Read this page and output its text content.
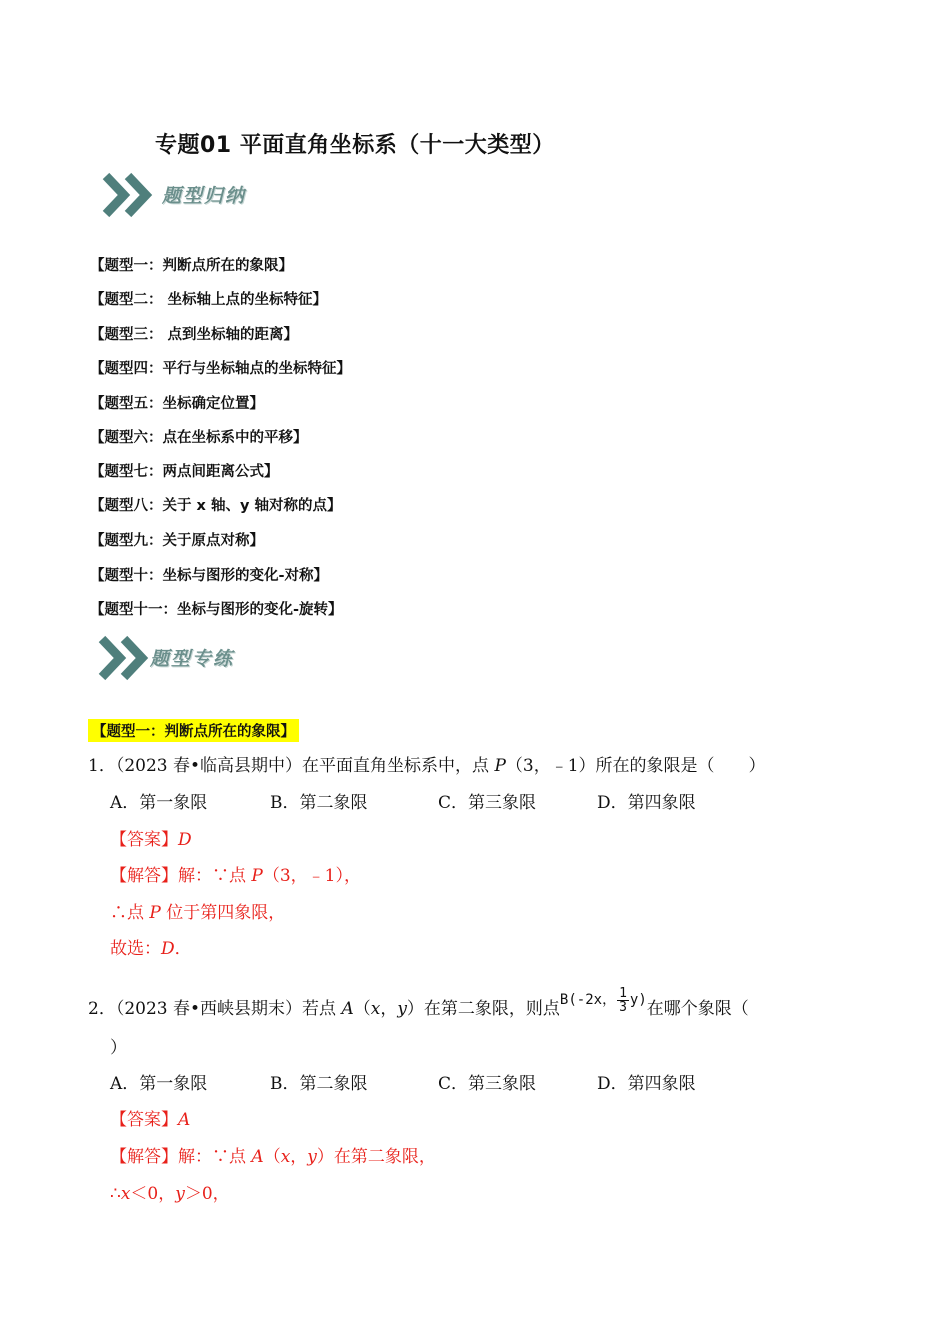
专题01 平面直角坐标系（十一大类型）
题型归纳
【题型一：判断点所在的象限】
【题型二： 坐标轴上点的坐标特征】
【题型三： 点到坐标轴的距离】
【题型四：平行与坐标轴点的坐标特征】
【题型五：坐标确定位置】
【题型六：点在坐标系中的平移】
【题型七：两点间距离公式】
【题型八：关于 x 轴、y 轴对称的点】
【题型九：关于原点对称】
【题型十：坐标与图形的变化-对称】
【题型十一：坐标与图形的变化-旋转】
题型专练
【题型一：判断点所在的象限】
1．（2023 春•临高县期中）在平面直角坐标系中，点 P（3，﹣1）所在的象限是（　　）
A．第一象限	B．第二象限	C．第三象限	D．第四象限
【答案】D
【解答】解：∵点 P（3，﹣1），
∴点 P 位于第四象限，
故选：D．
2．（2023 春•西峡县期末）若点 A（x，y）在第二象限，则点$^{B(-2x, \frac{1}{3} y)}$在哪个象限（
）
A．第一象限	B．第二象限	C．第三象限	D．第四象限
【答案】A
【解答】解：∵点 A（x，y）在第二象限，
∴x＜0，y＞0，
